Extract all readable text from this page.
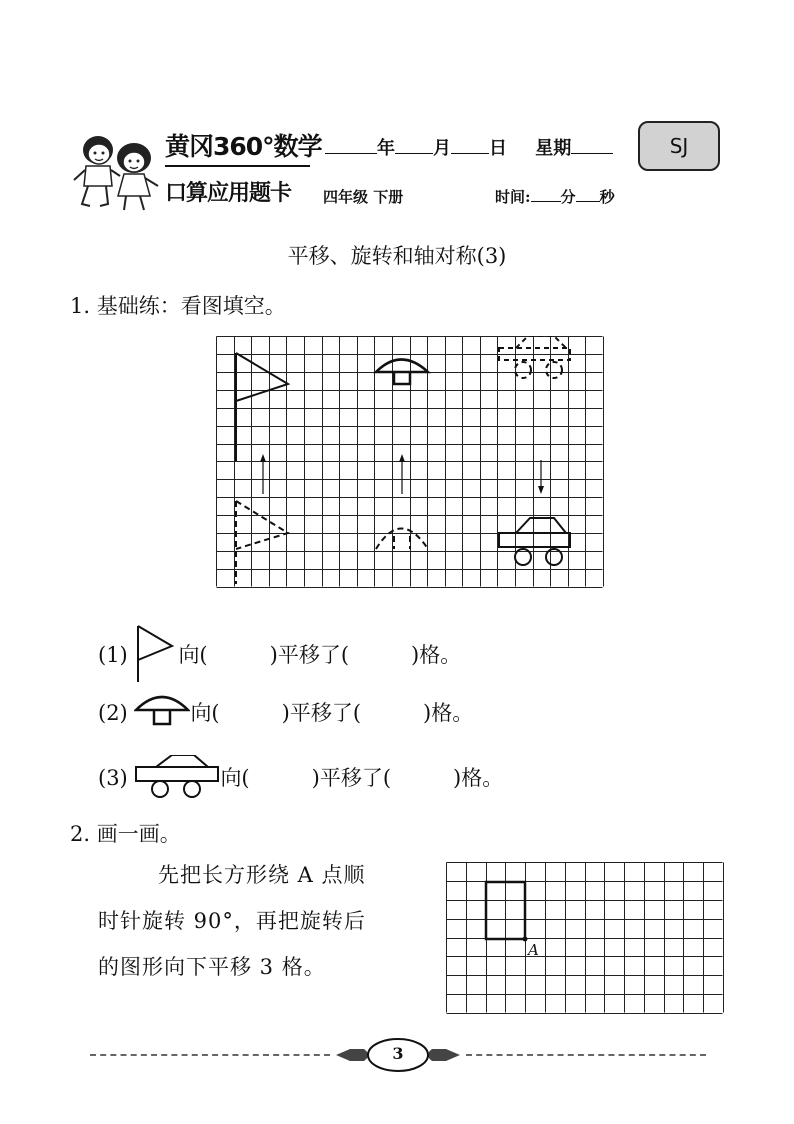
黄冈360°数学
口算应用题卡
年 月 日 星期	SJ
四年级 下册	时间: 分 秒
平移、旋转和轴对称(3)
1. 基础练：看图填空。
(1) 向(	)平移了(	)格。
(2)	向(	)平移了(	)格。
(3)	向(	)平移了(	)格。
2. 画一画。
先把长方形绕 A 点顺
时针旋转 90°，再把旋转后
的图形向下平移 3 格。
A
3
